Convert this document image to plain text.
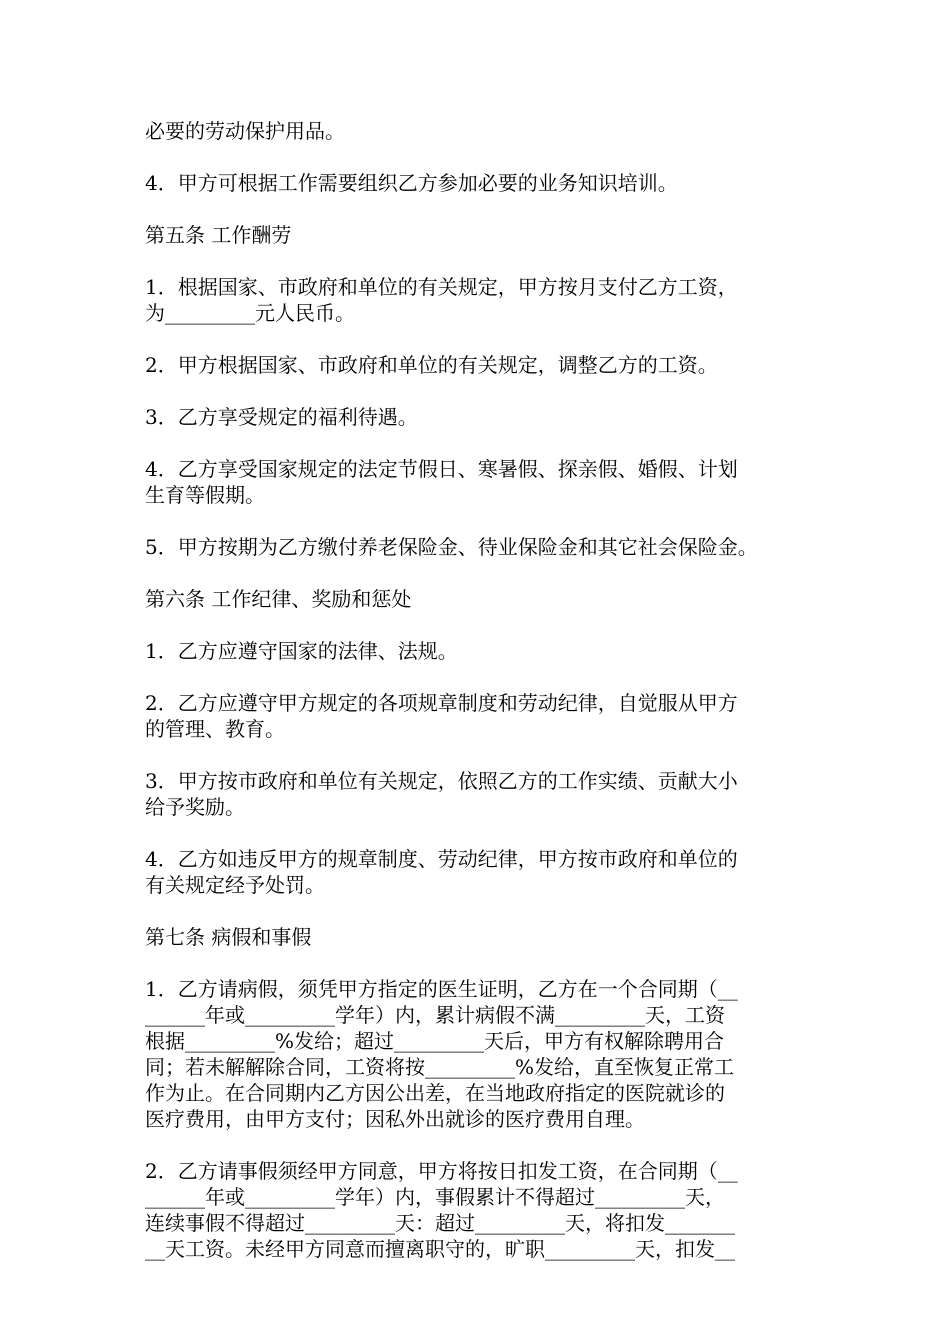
必要的劳动保护用品。
4．甲方可根据工作需要组织乙方参加必要的业务知识培训。
第五条 工作酬劳
1．根据国家、市政府和单位的有关规定，甲方按月支付乙方工资，
为_________元人民币。
2．甲方根据国家、市政府和单位的有关规定，调整乙方的工资。
3．乙方享受规定的福利待遇。
4．乙方享受国家规定的法定节假日、寒暑假、探亲假、婚假、计划
生育等假期。
5．甲方按期为乙方缴付养老保险金、待业保险金和其它社会保险金。
第六条 工作纪律、奖励和惩处
1．乙方应遵守国家的法律、法规。
2．乙方应遵守甲方规定的各项规章制度和劳动纪律，自觉服从甲方
的管理、教育。
3．甲方按市政府和单位有关规定，依照乙方的工作实绩、贡献大小
给予奖励。
4．乙方如违反甲方的规章制度、劳动纪律，甲方按市政府和单位的
有关规定经予处罚。
第七条 病假和事假
1．乙方请病假，须凭甲方指定的医生证明，乙方在一个合同期（__
______年或_________学年）内，累计病假不满_________天，工资
根据_________%发给；超过_________天后，甲方有权解除聘用合
同；若未解解除合同，工资将按_________%发给，直至恢复正常工
作为止。在合同期内乙方因公出差，在当地政府指定的医院就诊的
医疗费用，由甲方支付；因私外出就诊的医疗费用自理。
2．乙方请事假须经甲方同意，甲方将按日扣发工资，在合同期（__
______年或_________学年）内，事假累计不得超过_________天，
连续事假不得超过_________天：超过_________天，将扣发_______
__天工资。未经甲方同意而擅离职守的，旷职_________天，扣发__
